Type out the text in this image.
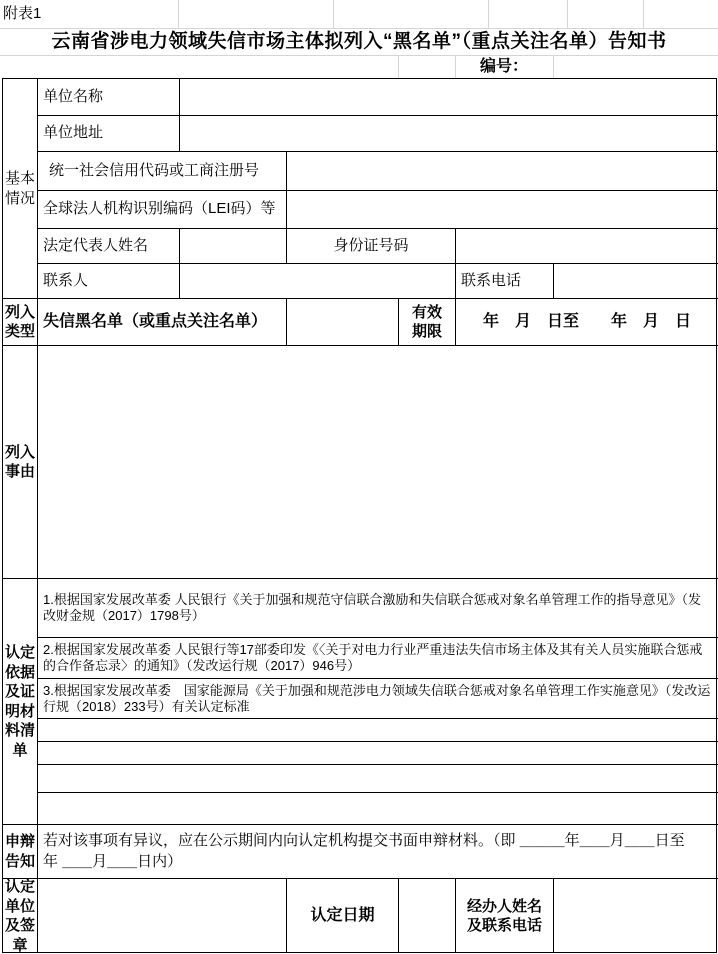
附表1
云南省涉电力领域失信市场主体拟列入“黑名单”（重点关注名单）告知书
编号：
基本情况
单位名称
单位地址
统一社会信用代码或工商注册号
全球法人机构识别编码（LEI码）等
法定代表人姓名	身份证号码
联系人	联系电话
列入类型
失信黑名单（或重点关注名单）
有效期限
年　月　日至　　年　月　日
列入事由
认定依据及证明材料清单
1.根据国家发展改革委 人民银行《关于加强和规范守信联合激励和失信联合惩戒对象名单管理工作的指导意见》（发改财金规（2017）1798号）
2.根据国家发展改革委 人民银行等17部委印发《〈关于对电力行业严重违法失信市场主体及其有关人员实施联合惩戒的合作备忘录〉的通知》（发改运行规（2017）946号）
3.根据国家发展改革委　国家能源局《关于加强和规范涉电力领域失信联合惩戒对象名单管理工作实施意见》（发改运行规（2018）233号）有关认定标准
申辩告知
若对该事项有异议，应在公示期间内向认定机构提交书面申辩材料。（即 ＿＿＿年＿＿月＿＿日至
年 ＿＿月＿＿日内）
认定单位及签章
认定日期
经办人姓名及联系电话
